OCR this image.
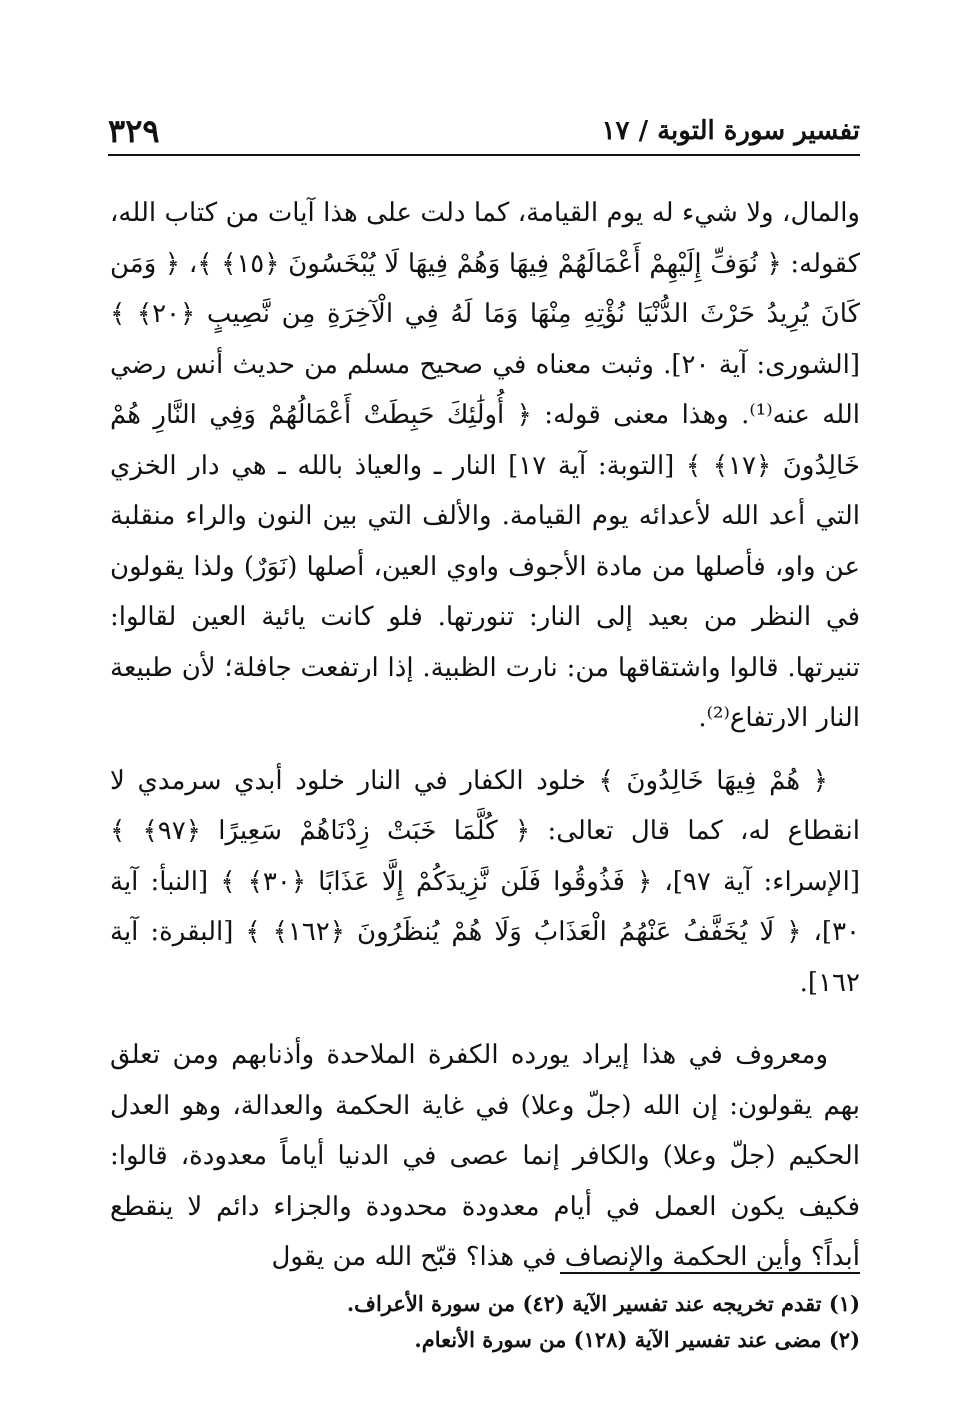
تفسير سورة التوبة / ١٧
٣٢٩

والمال، ولا شيء له يوم القيامة، كما دلت على هذا آيات من كتاب الله، كقوله: ﴿ نُوَفِّ إِلَيْهِمْ أَعْمَالَهُمْ فِيهَا وَهُمْ فِيهَا لَا يُبْخَسُونَ ﴿١٥﴾ ﴾، ﴿ وَمَن كَانَ يُرِيدُ حَرْثَ الدُّنْيَا نُؤْتِهِ مِنْهَا وَمَا لَهُ فِي الْآخِرَةِ مِن نَّصِيبٍ ﴿٢٠﴾ ﴾ [الشورى: آية ٢٠]. وثبت معناه في صحيح مسلم من حديث أنس رضي الله عنه⁽¹⁾. وهذا معنى قوله: ﴿ أُولَٰئِكَ حَبِطَتْ أَعْمَالُهُمْ وَفِي النَّارِ هُمْ خَالِدُونَ ﴿١٧﴾ ﴾ [التوبة: آية ١٧] النار ـ والعياذ بالله ـ هي دار الخزي التي أعد الله لأعدائه يوم القيامة. والألف التي بين النون والراء منقلبة عن واو، فأصلها من مادة الأجوف واوي العين، أصلها (نَوَرٌ) ولذا يقولون في النظر من بعيد إلى النار: تنورتها. فلو كانت يائية العين لقالوا: تنيرتها. قالوا واشتقاقها من: نارت الظبية. إذا ارتفعت جافلة؛ لأن طبيعة النار الارتفاع⁽²⁾.

﴿ هُمْ فِيهَا خَالِدُونَ ﴾ خلود الكفار في النار خلود أبدي سرمدي لا انقطاع له، كما قال تعالى: ﴿ كُلَّمَا خَبَتْ زِدْنَاهُمْ سَعِيرًا ﴿٩٧﴾ ﴾ [الإسراء: آية ٩٧]، ﴿ فَذُوقُوا فَلَن نَّزِيدَكُمْ إِلَّا عَذَابًا ﴿٣٠﴾ ﴾ [النبأ: آية ٣٠]، ﴿ لَا يُخَفَّفُ عَنْهُمُ الْعَذَابُ وَلَا هُمْ يُنظَرُونَ ﴿١٦٢﴾ ﴾ [البقرة: آية ١٦٢].

ومعروف في هذا إيراد يورده الكفرة الملاحدة وأذنابهم ومن تعلق بهم يقولون: إن الله (جلّ وعلا) في غاية الحكمة والعدالة، وهو العدل الحكيم (جلّ وعلا) والكافر إنما عصى في الدنيا أياماً معدودة، قالوا: فكيف يكون العمل في أيام معدودة محدودة والجزاء دائم لا ينقطع أبداً؟ وأين الحكمة والإنصاف في هذا؟ قبّح الله من يقول

(١) تقدم تخريجه عند تفسير الآية (٤٢) من سورة الأعراف.

(٢) مضى عند تفسير الآية (١٢٨) من سورة الأنعام.
